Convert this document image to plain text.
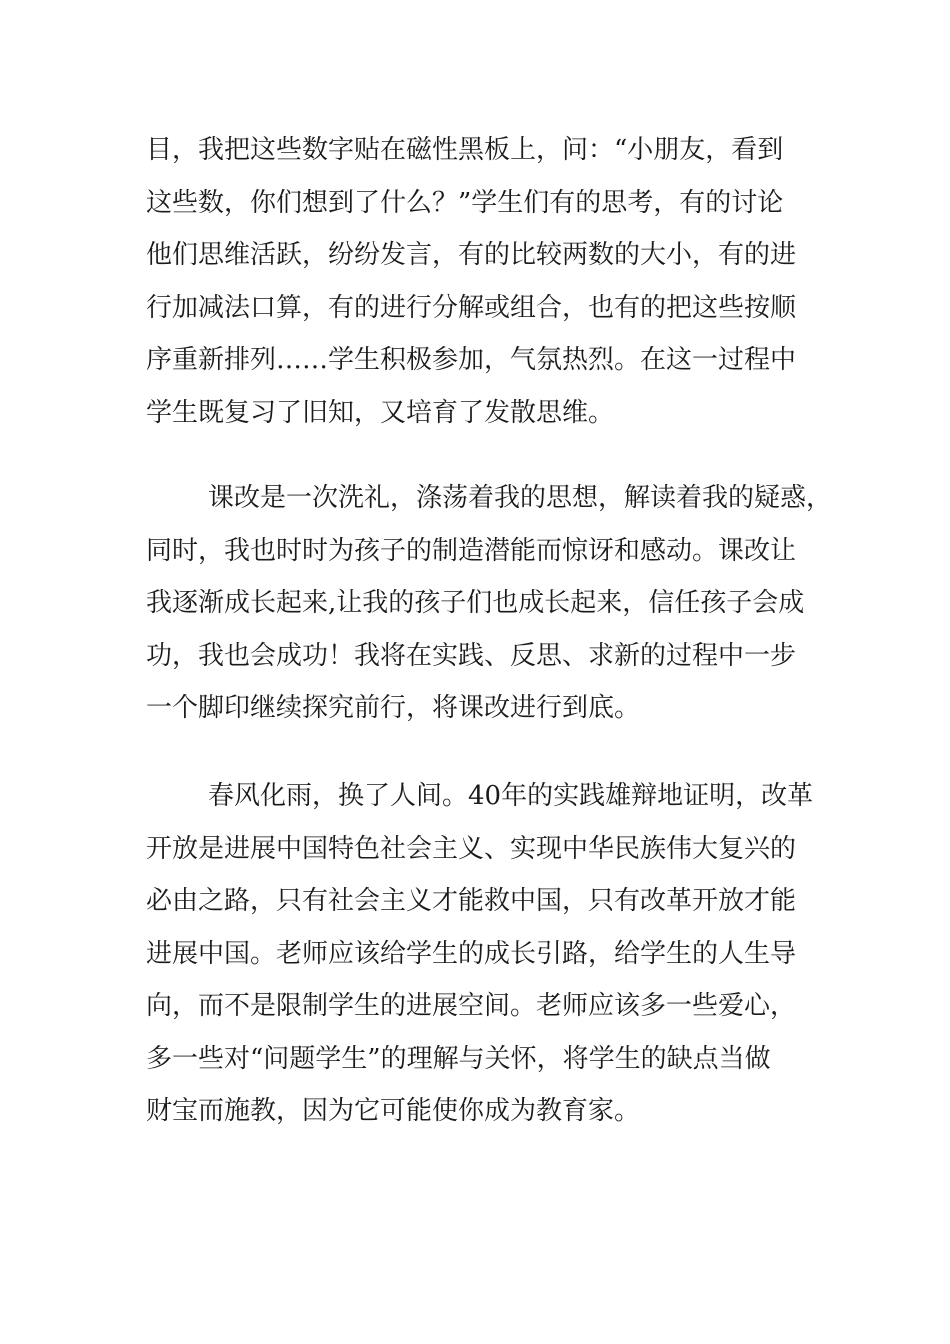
目，我把这些数字贴在磁性黑板上，问：“小朋友，看到
这些数，你们想到了什么？”学生们有的思考，有的讨论
他们思维活跃，纷纷发言，有的比较两数的大小，有的进
行加减法口算，有的进行分解或组合，也有的把这些按顺
序重新排列……学生积极参加，气氛热烈。在这一过程中
学生既复习了旧知，又培育了发散思维。

课改是一次洗礼，涤荡着我的思想，解读着我的疑惑，
同时，我也时时为孩子的制造潜能而惊讶和感动。课改让
我逐渐成长起来,让我的孩子们也成长起来，信任孩子会成
功，我也会成功！我将在实践、反思、求新的过程中一步
一个脚印继续探究前行，将课改进行到底。

春风化雨，换了人间。40年的实践雄辩地证明，改革
开放是进展中国特色社会主义、实现中华民族伟大复兴的
必由之路，只有社会主义才能救中国，只有改革开放才能
进展中国。老师应该给学生的成长引路，给学生的人生导
向，而不是限制学生的进展空间。老师应该多一些爱心，
多一些对“问题学生”的理解与关怀，将学生的缺点当做
财宝而施教，因为它可能使你成为教育家。
